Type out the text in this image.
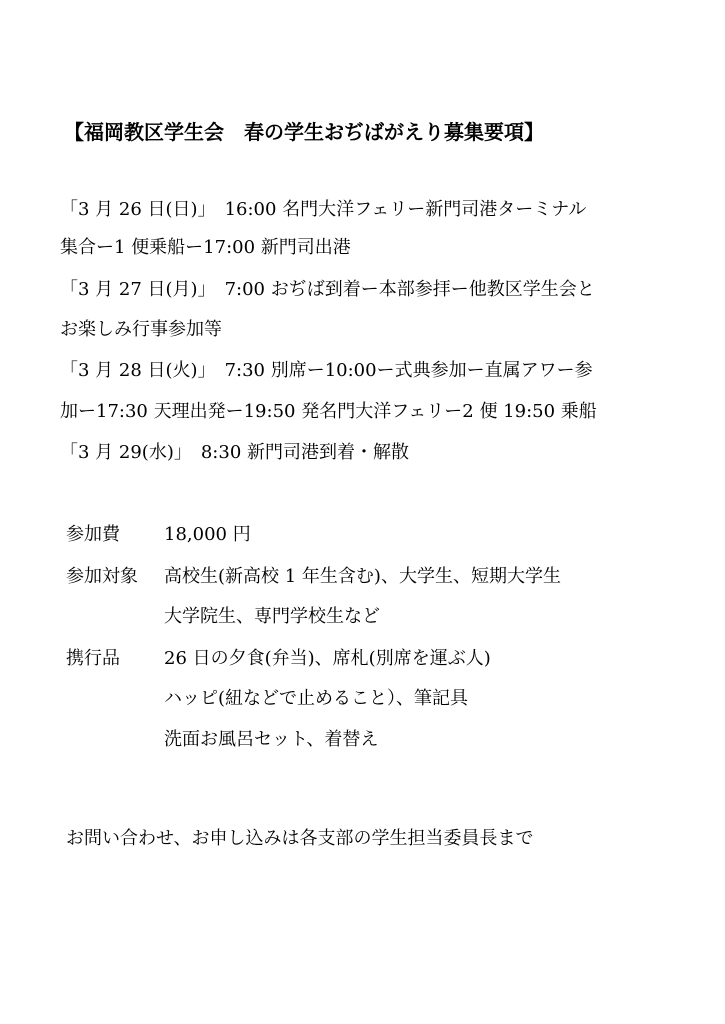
【福岡教区学生会　春の学生おぢばがえり募集要項】
「3 月 26 日(日)」　16:00 名門大洋フェリー新門司港ターミナル
集合ー1 便乗船ー17:00 新門司出港
「3 月 27 日(月)」　7:00 おぢば到着ー本部参拝ー他教区学生会と
お楽しみ行事参加等
「3 月 28 日(火)」　7:30 別席ー10:00ー式典参加ー直属アワー参
加ー17:30 天理出発ー19:50 発名門大洋フェリー2 便 19:50 乗船
「3 月 29(水)」　8:30 新門司港到着・解散
参加費 18,000 円
参加対象 高校生(新高校 1 年生含む)、大学生、短期大学生
大学院生、専門学校生など
携行品 26 日の夕食(弁当)、席札(別席を運ぶ人)
ハッピ(紐などで止めること）、筆記具
洗面お風呂セット、着替え
お問い合わせ、お申し込みは各支部の学生担当委員長まで
